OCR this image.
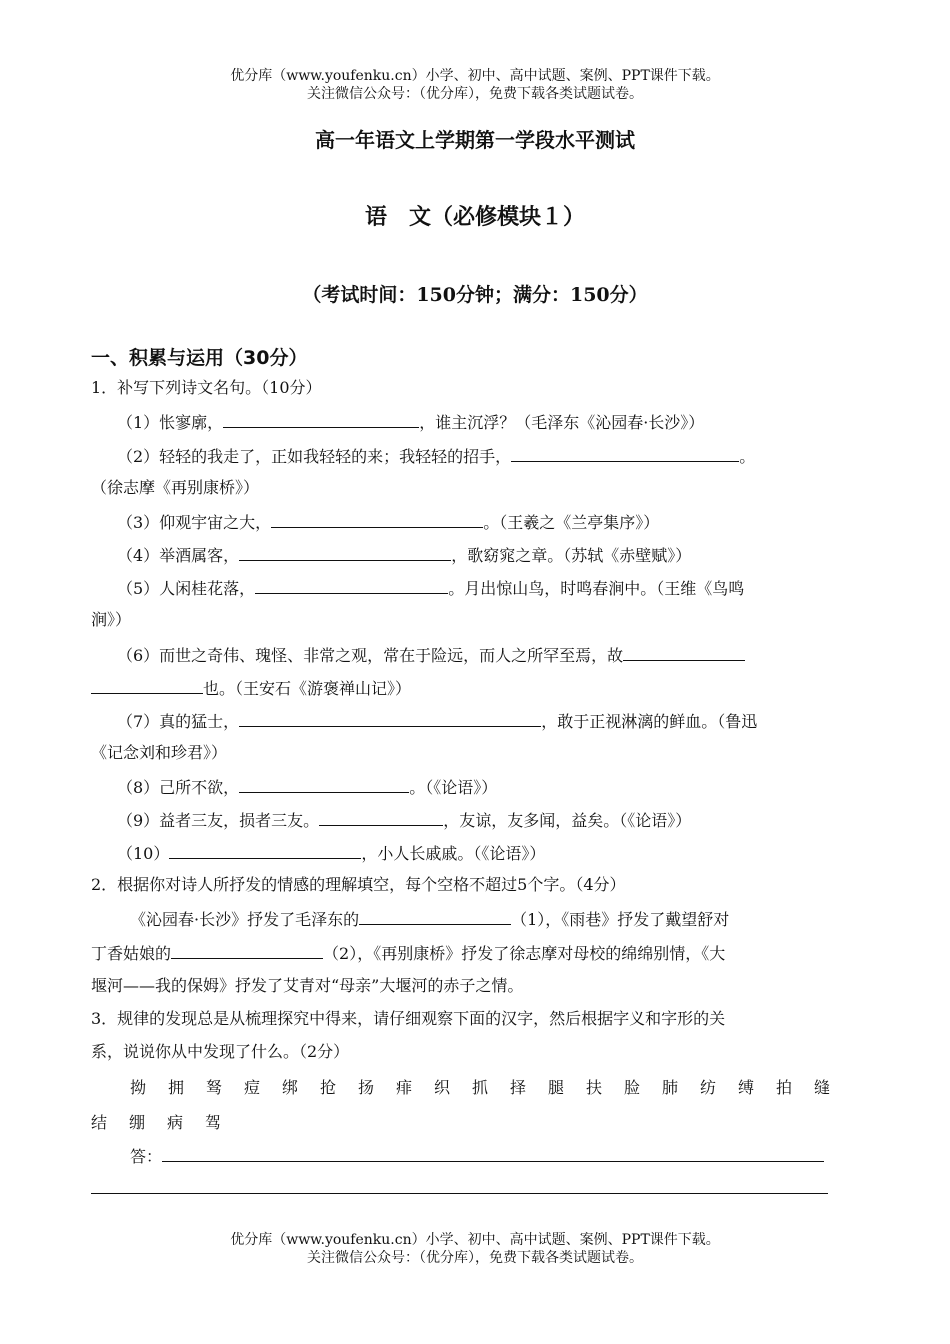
优分库（www.youfenku.cn）小学、初中、高中试题、案例、PPT课件下载。
关注微信公众号：（优分库），免费下载各类试题试卷。
高一年语文上学期第一学段水平测试
语　文（必修模块１）
（考试时间：150分钟；满分：150分）
一、积累与运用（30分）
1．补写下列诗文名句。（10分）
（1）怅寥廓，	，谁主沉浮？（毛泽东《沁园春·长沙》）
（2）轻轻的我走了，正如我轻轻的来；我轻轻的招手，	。
（徐志摩《再别康桥》）
（3）仰观宇宙之大，	。（王羲之《兰亭集序》）
（4）举酒属客，	，歌窈窕之章。（苏轼《赤壁赋》）
（5）人闲桂花落，	。月出惊山鸟，时鸣春涧中。（王维《鸟鸣
涧》）
（6）而世之奇伟、瑰怪、非常之观，常在于险远，而人之所罕至焉，故
也。（王安石《游褒禅山记》）
（7）真的猛士，	，敢于正视淋漓的鲜血。（鲁迅
《记念刘和珍君》）
（8）己所不欲，	。（《论语》）
（9）益者三友，损者三友。	，友谅，友多闻，益矣。（《论语》）
（10）	，小人长戚戚。（《论语》）
2．根据你对诗人所抒发的情感的理解填空，每个空格不超过5个字。（4分）
《沁园春·长沙》抒发了毛泽东的	（1），《雨巷》抒发了戴望舒对
丁香姑娘的	（2），《再别康桥》抒发了徐志摩对母校的绵绵别情，《大
堰河——我的保姆》抒发了艾青对“母亲”大堰河的赤子之情。
3．规律的发现总是从梳理探究中得来，请仔细观察下面的汉字，然后根据字义和字形的关
系，说说你从中发现了什么。（2分）
拗 拥 驽 痘 绑 抢 扬 痱 织 抓 择 腿 扶 脸 肺 纺 缚 拍 缝
结 绷 病 驾
答：
优分库（www.youfenku.cn）小学、初中、高中试题、案例、PPT课件下载。
关注微信公众号：（优分库），免费下载各类试题试卷。
